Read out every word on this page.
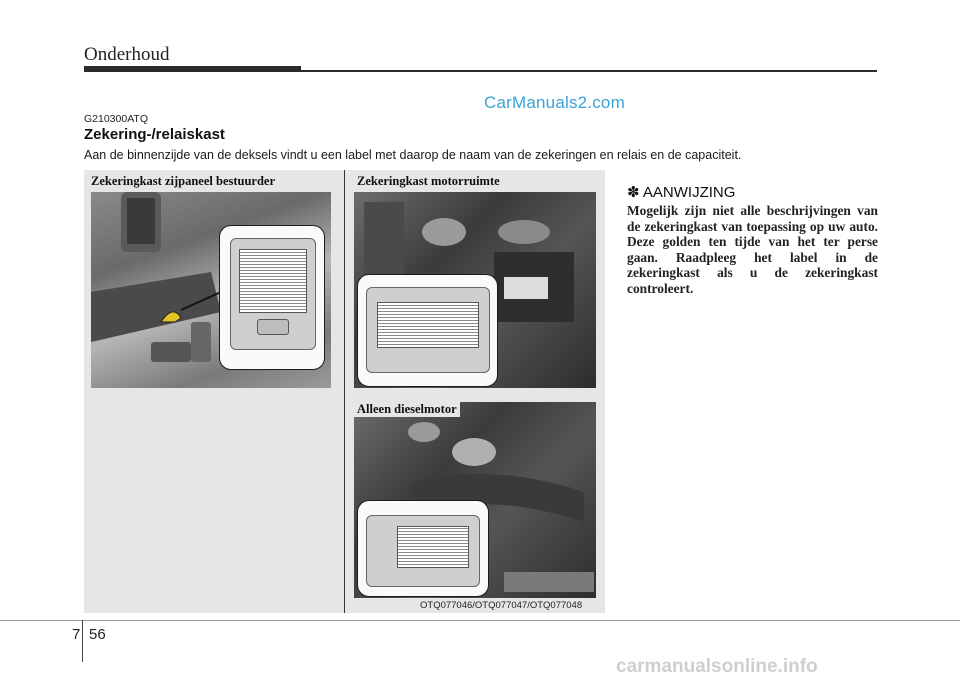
Onderhoud
CarManuals2.com
G210300ATQ
Zekering-/relaiskast
Aan de binnenzijde van de deksels vindt u een label met daarop de naam van de zekeringen en relais en de capaciteit.
Zekeringkast zijpaneel bestuurder	Zekeringkast motorruimte
Alleen dieselmotor
OTQ077046/OTQ077047/OTQ077048
✽ AANWIJZING
Mogelijk zijn niet alle beschrijvingen van de zekeringkast van toepassing op uw auto. Deze golden ten tijde van het ter perse gaan. Raadpleeg het label in de zekeringkast als u de zekeringkast controleert.
7 56
carmanualsonline.info
